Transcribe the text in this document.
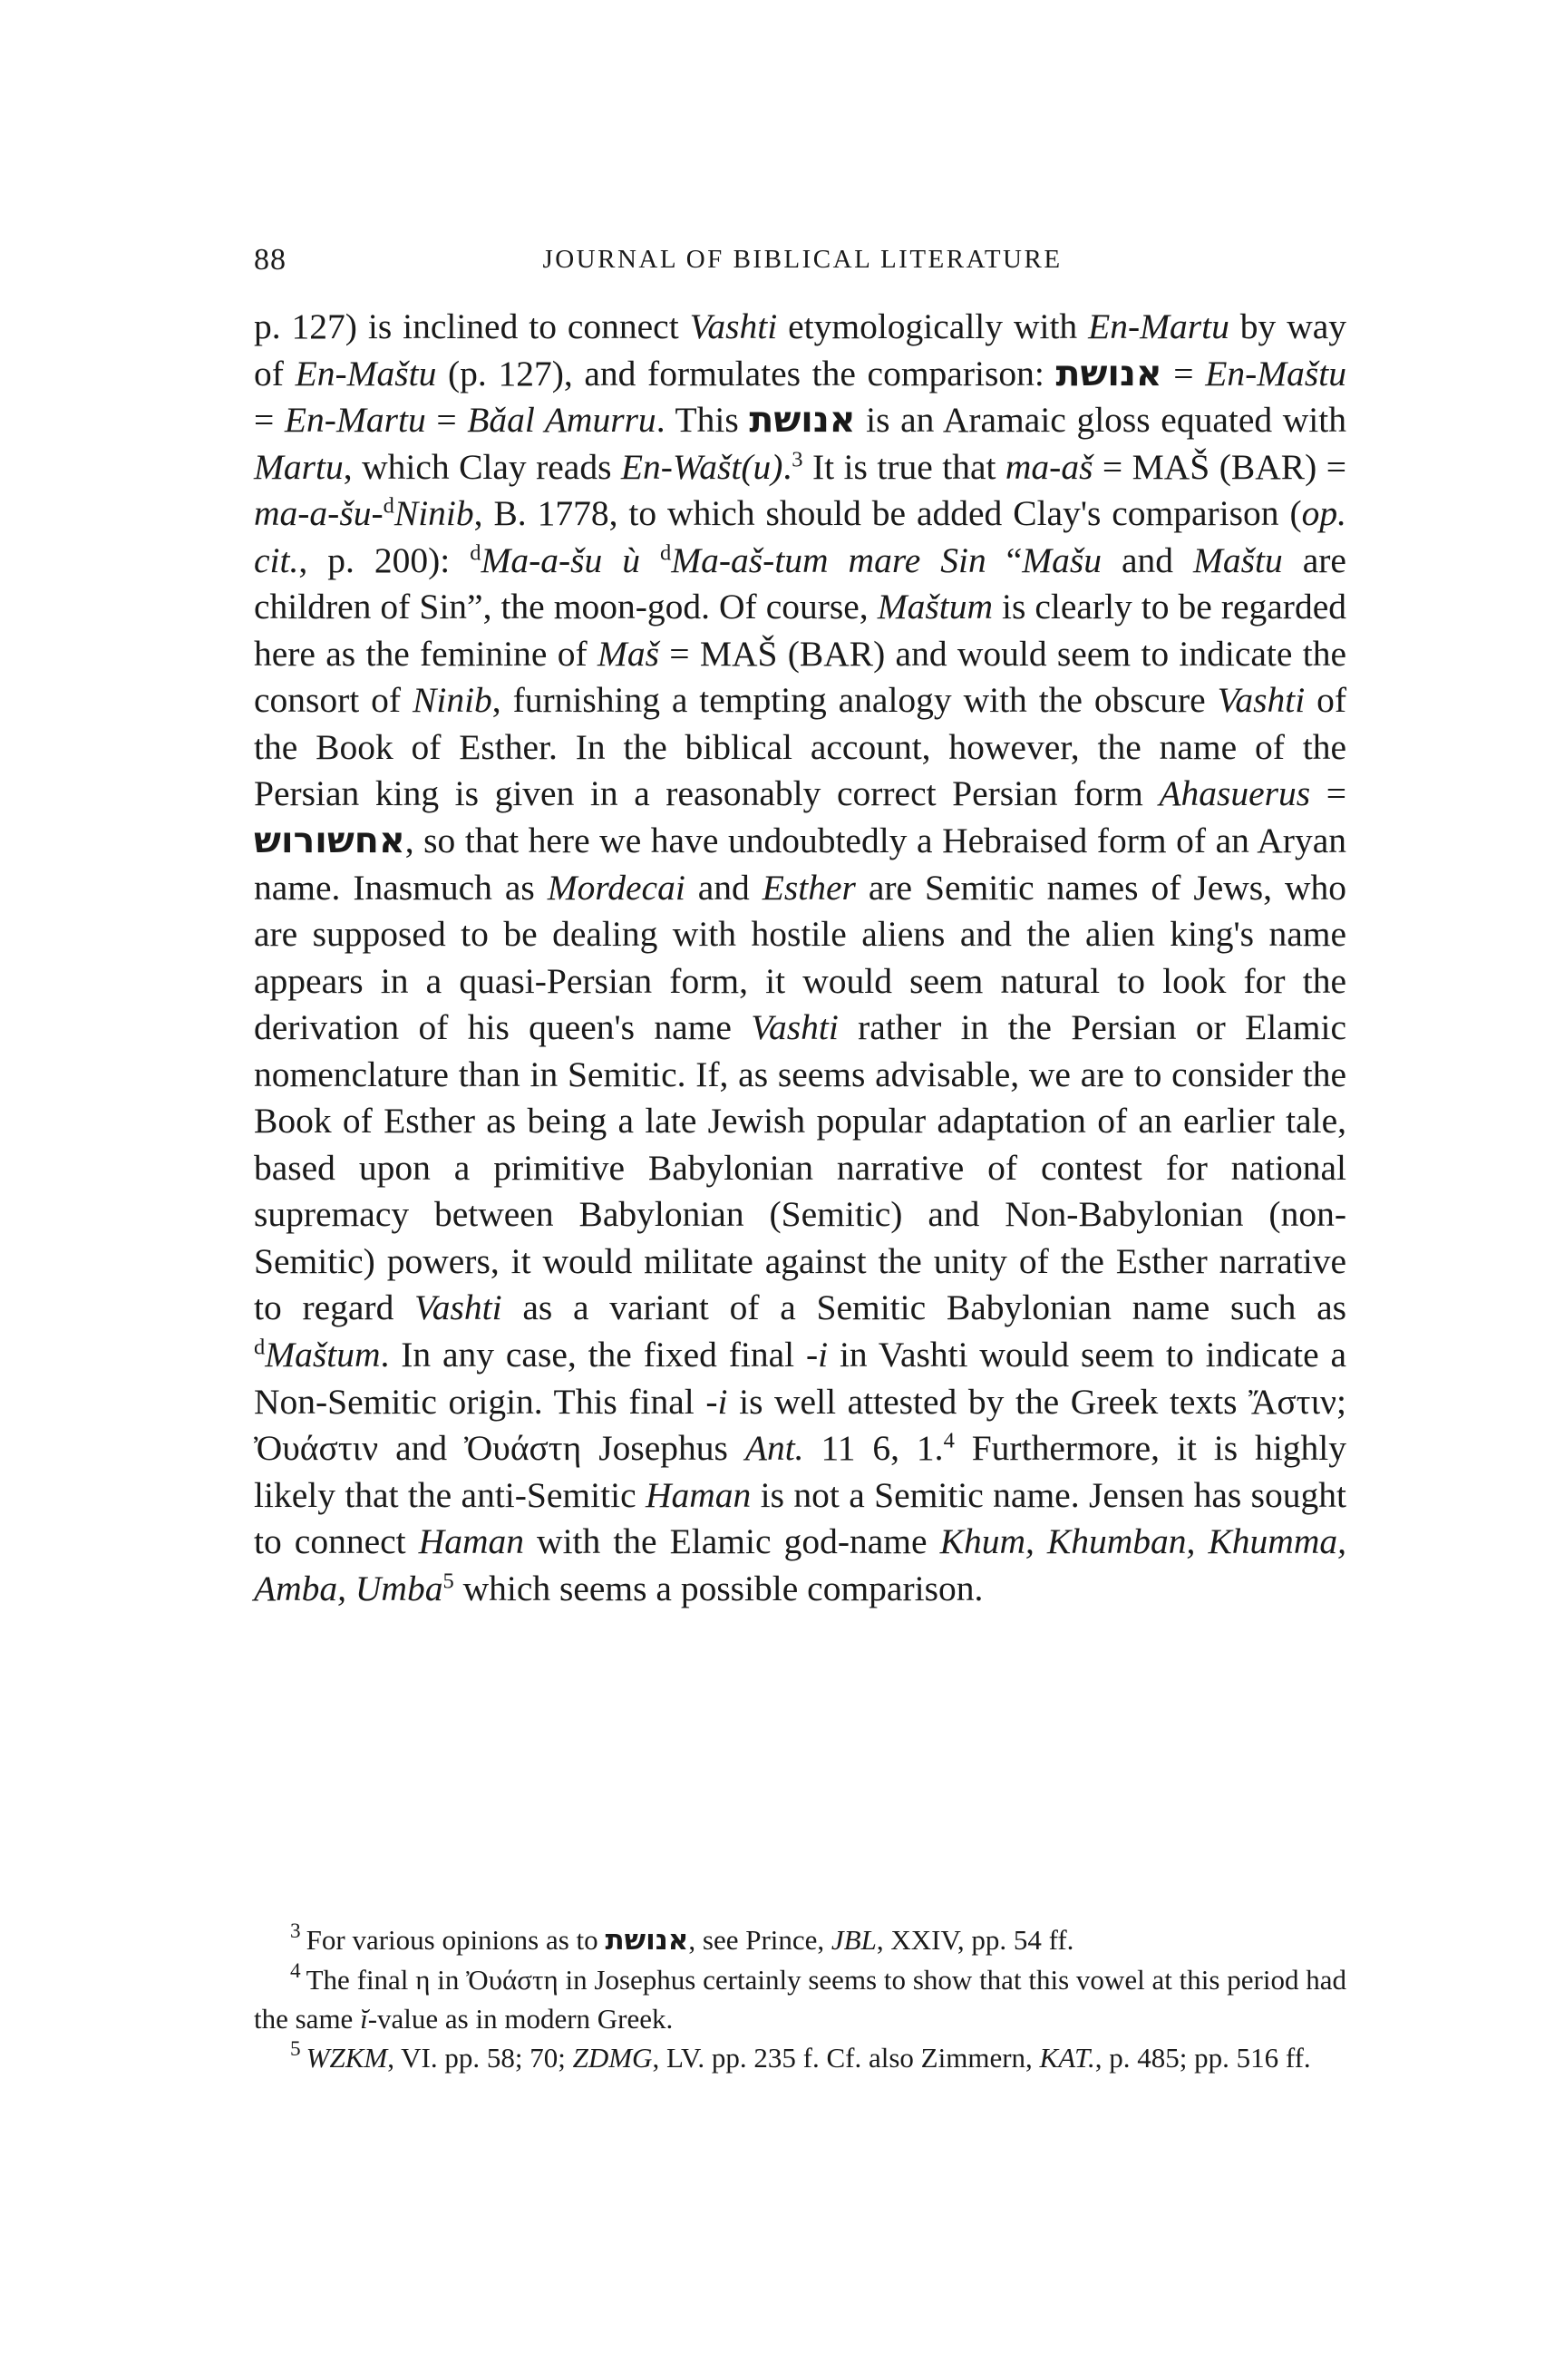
88	JOURNAL OF BIBLICAL LITERATURE

p. 127) is inclined to connect Vashti etymologically with En-Martu by way of En-Maštu (p. 127), and formulates the comparison: אנושת = En-Maštu = En-Martu = Bǎal Amurru. This אנושת is an Aramaic gloss equated with Martu, which Clay reads En-Wašt(u).$^3$ It is true that ma-aš = MAŠ (BAR) = ma-a-šu-$^d$Ninib, B. 1778, to which should be added Clay's comparison (op. cit., p. 200): $^d$Ma-a-šu ù $^d$Ma-aš-tum mare Sin “Mašu and Maštu are children of Sin”, the moon-god. Of course, Maštum is clearly to be regarded here as the feminine of Maš = MAŠ (BAR) and would seem to indicate the consort of Ninib, furnishing a tempting analogy with the obscure Vashti of the Book of Esther. In the biblical account, however, the name of the Persian king is given in a reasonably correct Persian form Ahasuerus = אחשורוש, so that here we have undoubtedly a Hebraised form of an Aryan name. Inasmuch as Mordecai and Esther are Semitic names of Jews, who are supposed to be dealing with hostile aliens and the alien king's name appears in a quasi-Persian form, it would seem natural to look for the derivation of his queen's name Vashti rather in the Persian or Elamic nomenclature than in Semitic. If, as seems advisable, we are to consider the Book of Esther as being a late Jewish popular adaptation of an earlier tale, based upon a primitive Babylonian narrative of contest for national supremacy between Babylonian (Semitic) and Non-Babylonian (non-Semitic) powers, it would militate against the unity of the Esther narrative to regard Vashti as a variant of a Semitic Babylonian name such as $^d$Maštum. In any case, the fixed final -i in Vashti would seem to indicate a Non-Semitic origin. This final -i is well attested by the Greek texts Ἄστιν; Ὀυάστιν and Ὀυάστη Josephus Ant. 11 6, 1.$^4$ Furthermore, it is highly likely that the anti-Semitic Haman is not a Semitic name. Jensen has sought to connect Haman with the Elamic god-name Khum, Khumban, Khumma, Amba, Umba$^5$ which seems a possible comparison.

$^3$ For various opinions as to אנושת, see Prince, JBL, XXIV, pp. 54 ff.

$^4$ The final η in Ὀυάστη in Josephus certainly seems to show that this vowel at this period had the same ĭ-value as in modern Greek.

$^5$ WZKM, VI. pp. 58; 70; ZDMG, LV. pp. 235 f. Cf. also Zimmern, KAT., p. 485; pp. 516 ff.
